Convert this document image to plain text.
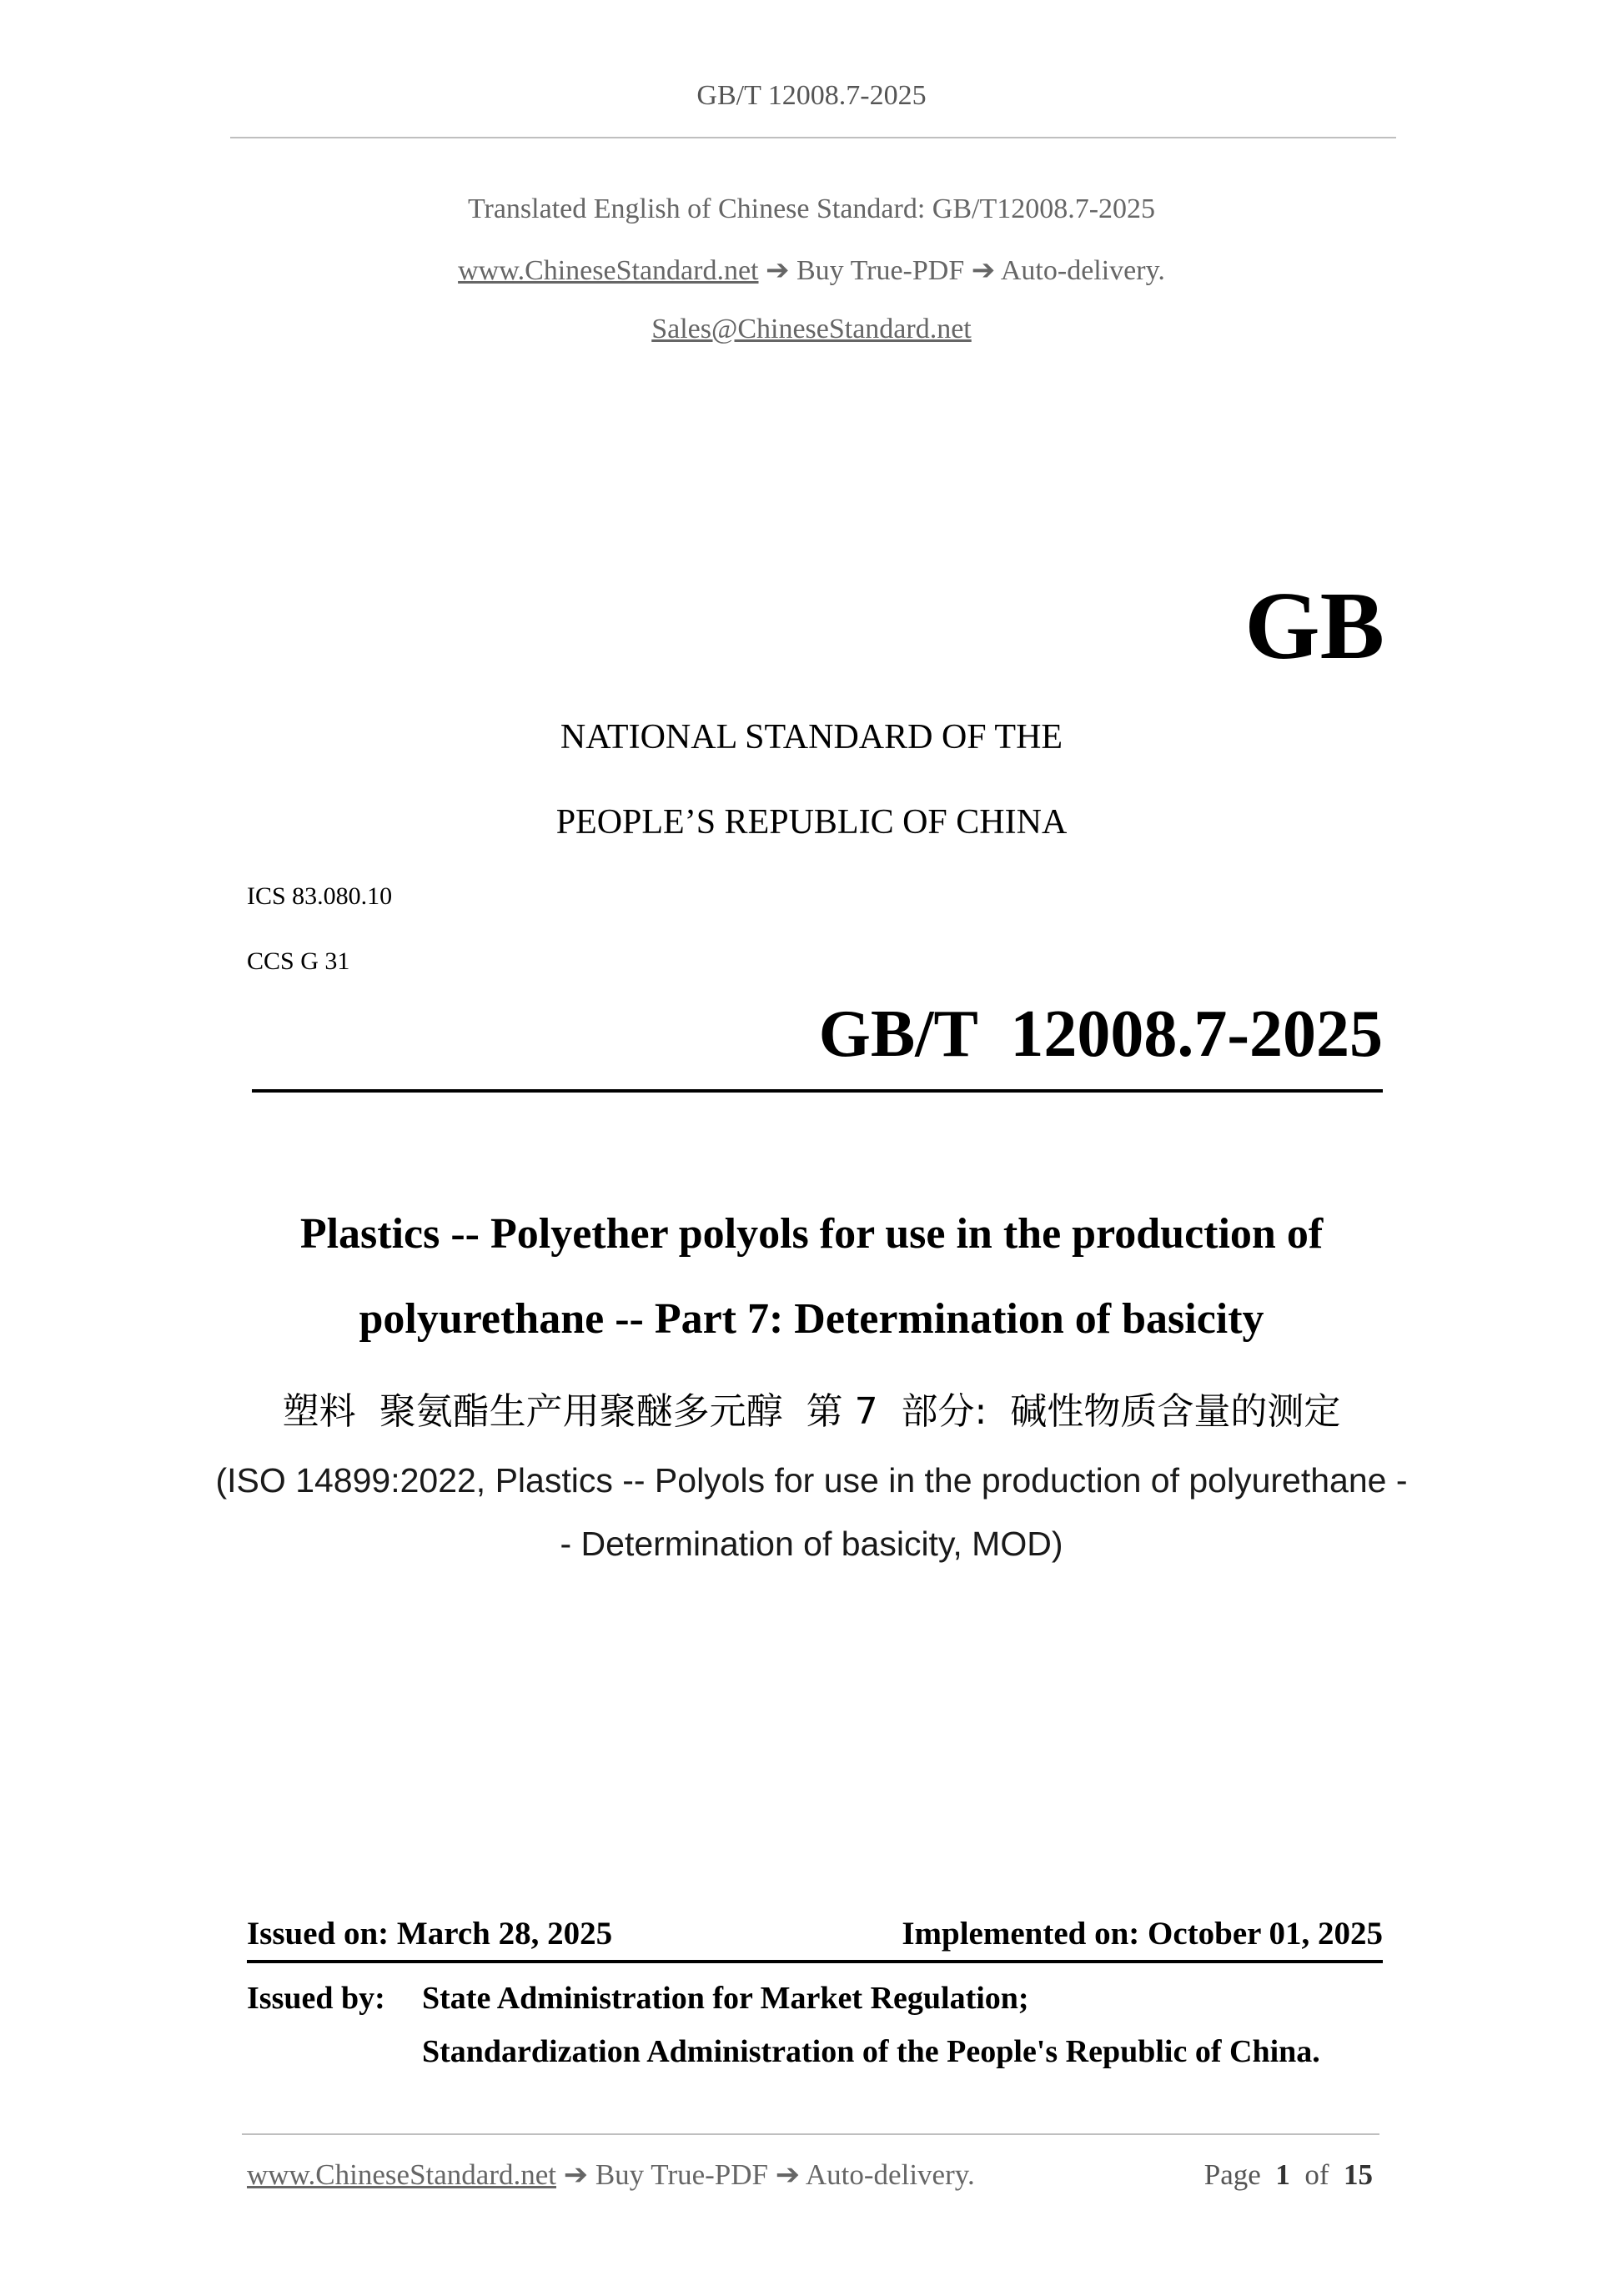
GB/T 12008.7-2025
Translated English of Chinese Standard: GB/T12008.7-2025
www.ChineseStandard.net ➔ Buy True-PDF ➔ Auto-delivery.
Sales@ChineseStandard.net
GB
NATIONAL STANDARD OF THE
PEOPLE’S REPUBLIC OF CHINA
ICS 83.080.10
CCS G 31
GB/T  12008.7-2025
Plastics -- Polyether polyols for use in the production of
polyurethane -- Part 7: Determination of basicity
塑料  聚氨酯生产用聚醚多元醇  第 7  部分:  碱性物质含量的测定
(ISO 14899:2022, Plastics -- Polyols for use in the production of polyurethane -
- Determination of basicity, MOD)
Issued on: March 28, 2025	Implemented on: October 01, 2025
Issued by: State Administration for Market Regulation;
Standardization Administration of the People's Republic of China.
www.ChineseStandard.net ➔ Buy True-PDF ➔ Auto-delivery.	Page 1 of 15
